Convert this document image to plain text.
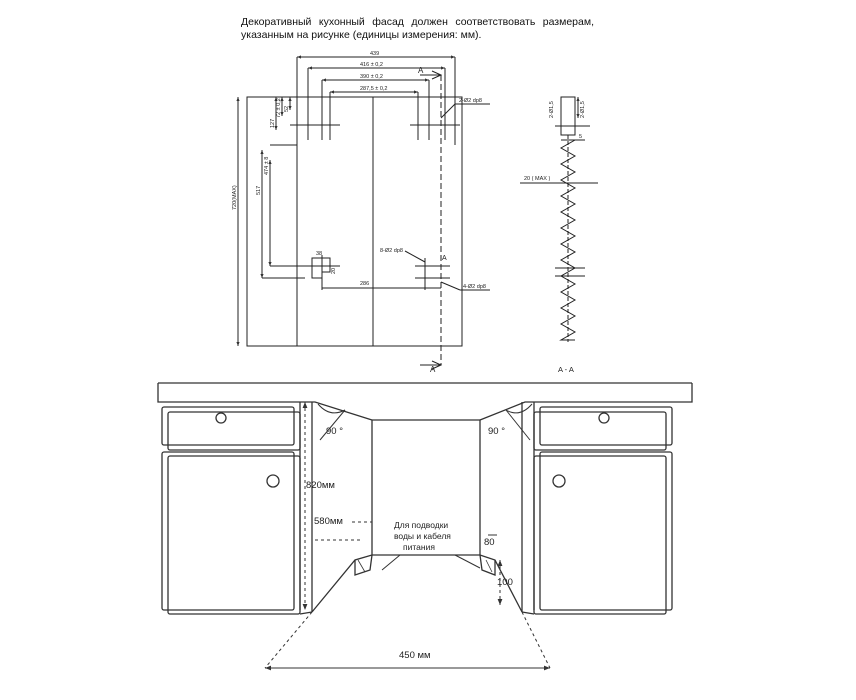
Декоративный кухонный фасад должен соответствовать размерам,
указанным на рисунке (единицы измерения: мм).
439
416 ± 0,2
390 ± 0,2
287,5 ± 0,2
720(MAX)	517
474 ± 8
127
72 ± 0,2 52
38
20
286
2-Ø2 dp8
8-Ø2 dp8
4-Ø2 dp8
A
A
A
2-Ø1,5	2-Ø1,5
5
20 ( MAX )
A - A
90 °	90 °
820мм
580мм	Для подводки
воды и кабеля
питания	80
100
450 мм
